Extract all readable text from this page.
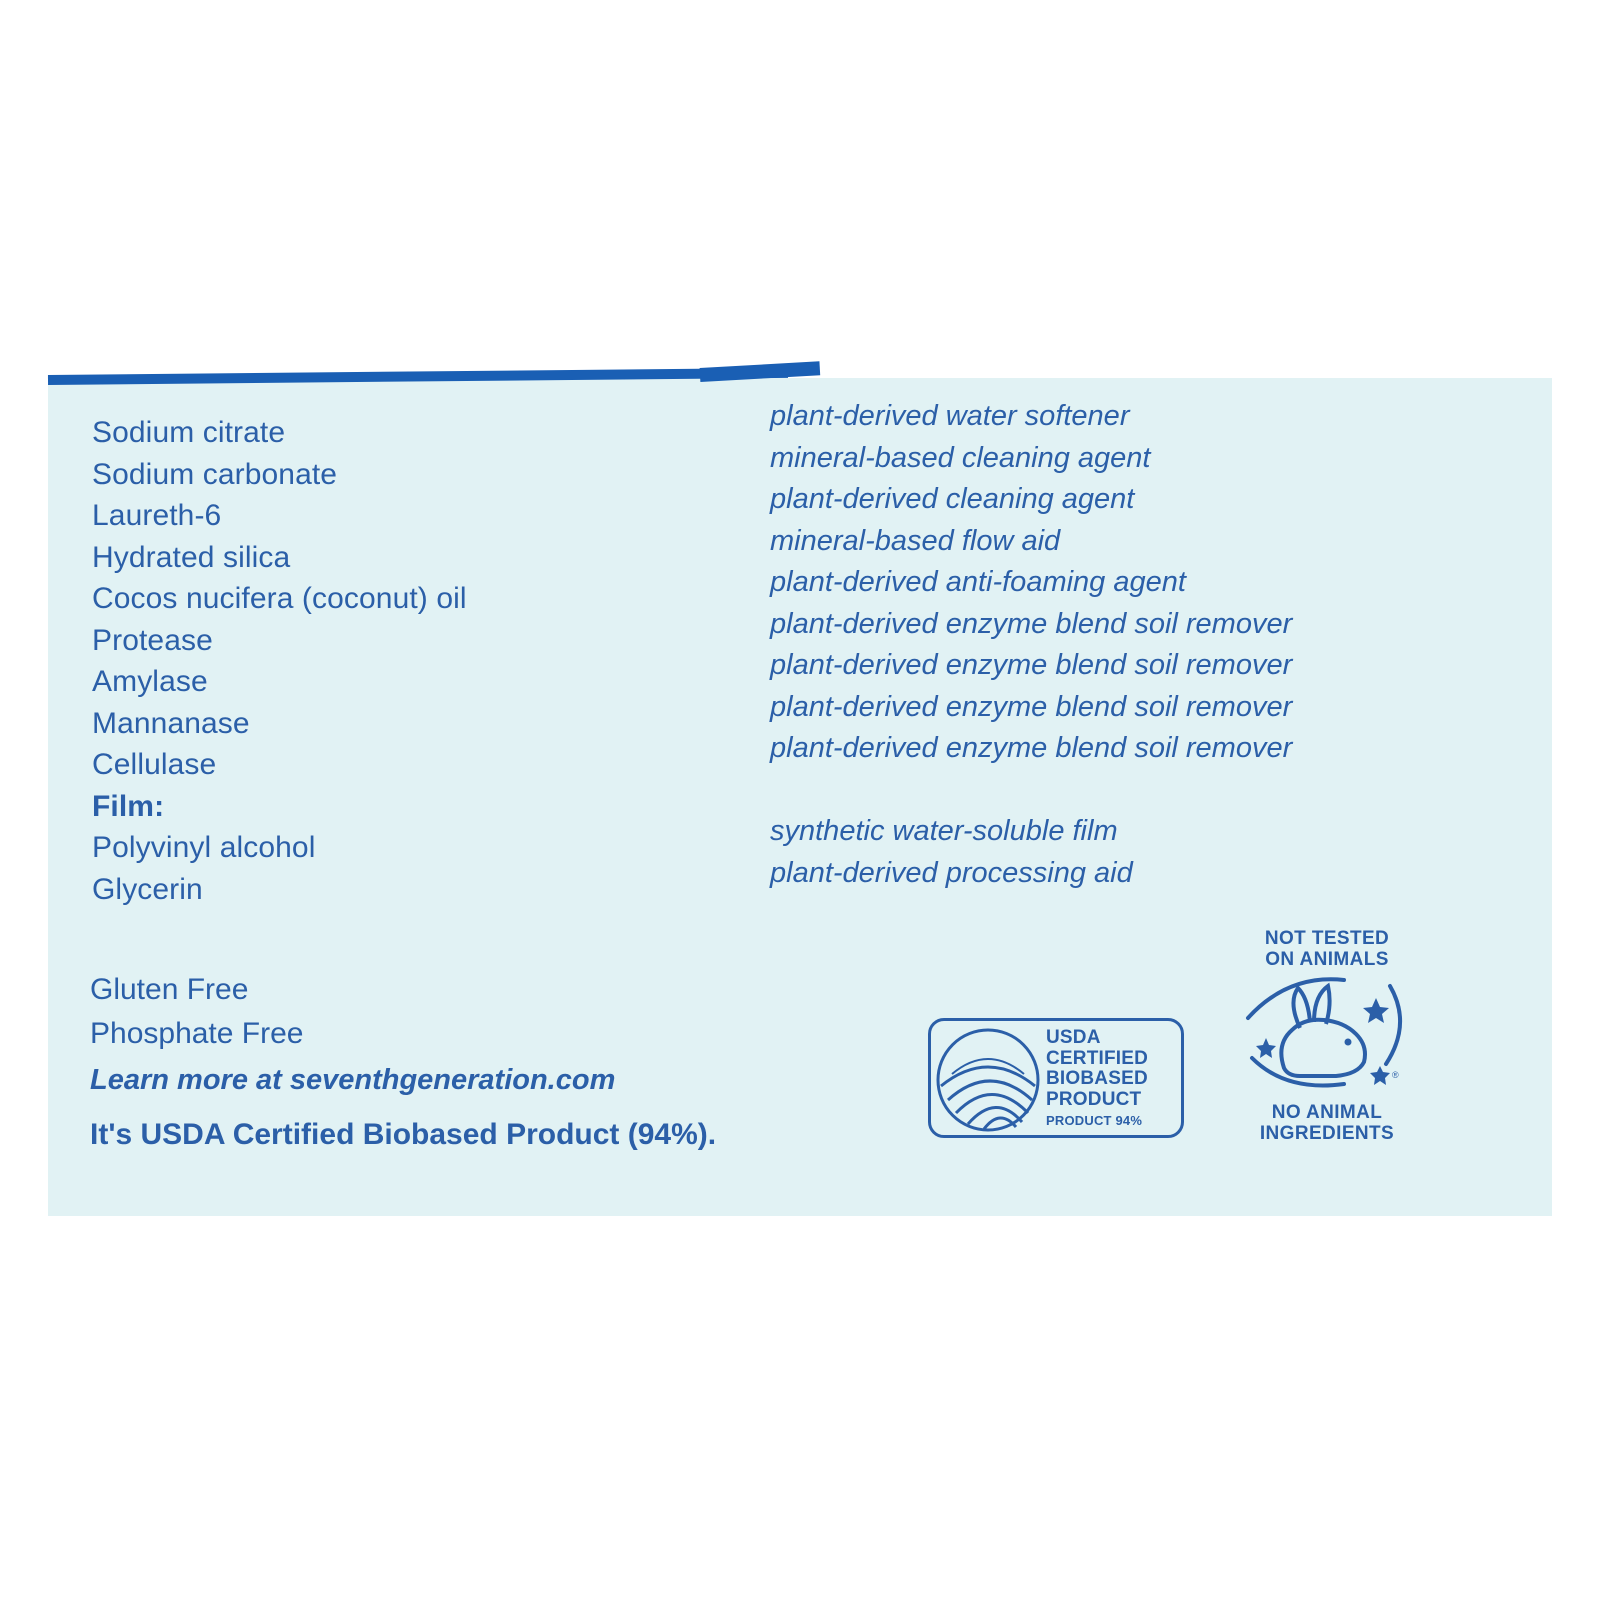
Sodium citrate
Sodium carbonate
Laureth-6
Hydrated silica
Cocos nucifera (coconut) oil
Protease
Amylase
Mannanase
Cellulase
Film:
Polyvinyl alcohol
Glycerin
plant-derived water softener
mineral-based cleaning agent
plant-derived cleaning agent
mineral-based flow aid
plant-derived anti-foaming agent
plant-derived enzyme blend soil remover
plant-derived enzyme blend soil remover
plant-derived enzyme blend soil remover
plant-derived enzyme blend soil remover
synthetic water-soluble film
plant-derived processing aid
Gluten Free
Phosphate Free
Learn more at seventhgeneration.com
It's USDA Certified Biobased Product (94%).
USDA
CERTIFIED
BIOBASED
PRODUCT
PRODUCT 94%
NOT TESTED
ON ANIMALS
®
NO ANIMAL
INGREDIENTS
